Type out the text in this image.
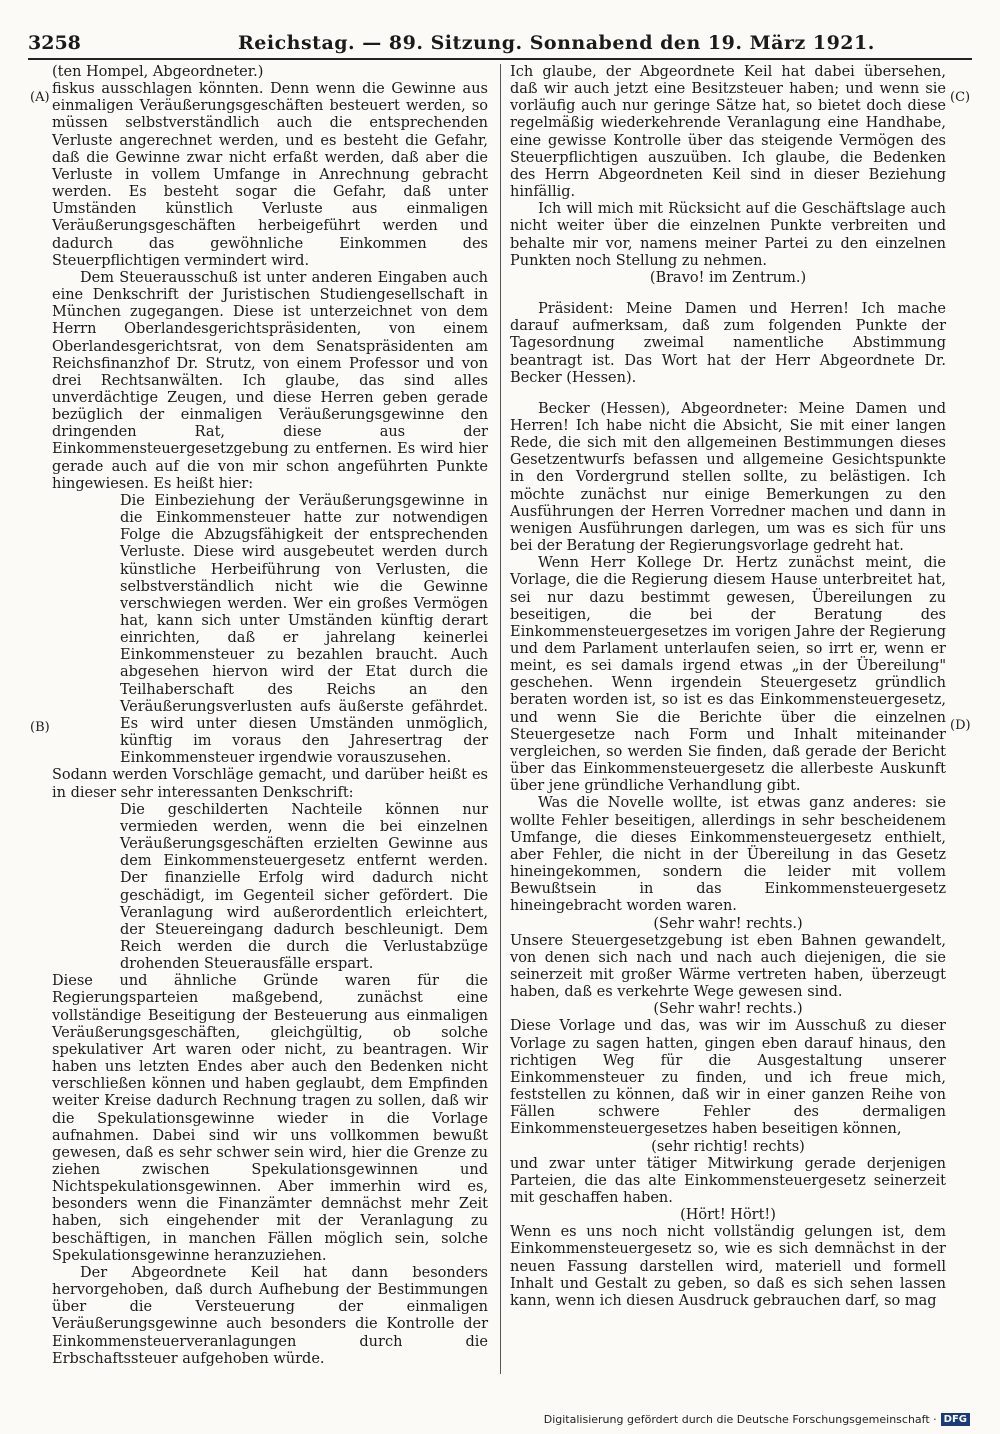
3258	Reichstag. — 89. Sitzung. Sonnabend den 19. März 1921.
(A)
(B)
(C)
(D)

(ten Hompel, Abgeordneter.)

fiskus ausschlagen könnten. Denn wenn die Gewinne aus einmaligen Veräußerungsgeschäften besteuert werden, so müssen selbstverständlich auch die entsprechenden Verluste angerechnet werden, und es besteht die Gefahr, daß die Gewinne zwar nicht erfaßt werden, daß aber die Verluste in vollem Umfange in Anrechnung gebracht werden. Es besteht sogar die Gefahr, daß unter Umständen künstlich Verluste aus einmaligen Veräußerungsgeschäften herbeigeführt werden und dadurch das gewöhnliche Einkommen des Steuerpflichtigen vermindert wird.

Dem Steuerausschuß ist unter anderen Eingaben auch eine Denkschrift der Juristischen Studiengesellschaft in München zugegangen. Diese ist unterzeichnet von dem Herrn Oberlandesgerichtspräsidenten, von einem Oberlandesgerichtsrat, von dem Senatspräsidenten am Reichsfinanzhof Dr. Strutz, von einem Professor und von drei Rechtsanwälten. Ich glaube, das sind alles unverdächtige Zeugen, und diese Herren geben gerade bezüglich der einmaligen Veräußerungsgewinne den dringenden Rat, diese aus der Einkommensteuergesetzgebung zu entfernen. Es wird hier gerade auch auf die von mir schon angeführten Punkte hingewiesen. Es heißt hier:

Die Einbeziehung der Veräußerungsgewinne in die Einkommensteuer hatte zur notwendigen Folge die Abzugsfähigkeit der entsprechenden Verluste. Diese wird ausgebeutet werden durch künstliche Herbeiführung von Verlusten, die selbstverständlich nicht wie die Gewinne verschwiegen werden. Wer ein großes Vermögen hat, kann sich unter Umständen künftig derart einrichten, daß er jahrelang keinerlei Einkommensteuer zu bezahlen braucht. Auch abgesehen hiervon wird der Etat durch die Teilhaberschaft des Reichs an den Veräußerungsverlusten aufs äußerste gefährdet. Es wird unter diesen Umständen unmöglich, künftig im voraus den Jahresertrag der Einkommensteuer irgendwie vorauszusehen.

Sodann werden Vorschläge gemacht, und darüber heißt es in dieser sehr interessanten Denkschrift:

Die geschilderten Nachteile können nur vermieden werden, wenn die bei einzelnen Veräußerungsgeschäften erzielten Gewinne aus dem Einkommensteuergesetz entfernt werden. Der finanzielle Erfolg wird dadurch nicht geschädigt, im Gegenteil sicher gefördert. Die Veranlagung wird außerordentlich erleichtert, der Steuereingang dadurch beschleunigt. Dem Reich werden die durch die Verlustabzüge drohenden Steuerausfälle erspart.

Diese und ähnliche Gründe waren für die Regierungsparteien maßgebend, zunächst eine vollständige Beseitigung der Besteuerung aus einmaligen Veräußerungsgeschäften, gleichgültig, ob solche spekulativer Art waren oder nicht, zu beantragen. Wir haben uns letzten Endes aber auch den Bedenken nicht verschließen können und haben geglaubt, dem Empfinden weiter Kreise dadurch Rechnung tragen zu sollen, daß wir die Spekulationsgewinne wieder in die Vorlage aufnahmen. Dabei sind wir uns vollkommen bewußt gewesen, daß es sehr schwer sein wird, hier die Grenze zu ziehen zwischen Spekulationsgewinnen und Nichtspekulationsgewinnen. Aber immerhin wird es, besonders wenn die Finanzämter demnächst mehr Zeit haben, sich eingehender mit der Veranlagung zu beschäftigen, in manchen Fällen möglich sein, solche Spekulationsgewinne heranzuziehen.

Der Abgeordnete Keil hat dann besonders hervorgehoben, daß durch Aufhebung der Bestimmungen über die Versteuerung der einmaligen Veräußerungsgewinne auch besonders die Kontrolle der Einkommensteuerveranlagungen durch die Erbschaftssteuer aufgehoben würde.

Ich glaube, der Abgeordnete Keil hat dabei übersehen, daß wir auch jetzt eine Besitzsteuer haben; und wenn sie vorläufig auch nur geringe Sätze hat, so bietet doch diese regelmäßig wiederkehrende Veranlagung eine Handhabe, eine gewisse Kontrolle über das steigende Vermögen des Steuerpflichtigen auszuüben. Ich glaube, die Bedenken des Herrn Abgeordneten Keil sind in dieser Beziehung hinfällig.

Ich will mich mit Rücksicht auf die Geschäftslage auch nicht weiter über die einzelnen Punkte verbreiten und behalte mir vor, namens meiner Partei zu den einzelnen Punkten noch Stellung zu nehmen.

(Bravo! im Zentrum.)

Präsident: Meine Damen und Herren! Ich mache darauf aufmerksam, daß zum folgenden Punkte der Tagesordnung zweimal namentliche Abstimmung beantragt ist. Das Wort hat der Herr Abgeordnete Dr. Becker (Hessen).

Becker (Hessen), Abgeordneter: Meine Damen und Herren! Ich habe nicht die Absicht, Sie mit einer langen Rede, die sich mit den allgemeinen Bestimmungen dieses Gesetzentwurfs befassen und allgemeine Gesichtspunkte in den Vordergrund stellen sollte, zu belästigen. Ich möchte zunächst nur einige Bemerkungen zu den Ausführungen der Herren Vorredner machen und dann in wenigen Ausführungen darlegen, um was es sich für uns bei der Beratung der Regierungsvorlage gedreht hat.

Wenn Herr Kollege Dr. Hertz zunächst meint, die Vorlage, die die Regierung diesem Hause unterbreitet hat, sei nur dazu bestimmt gewesen, Übereilungen zu beseitigen, die bei der Beratung des Einkommensteuergesetzes im vorigen Jahre der Regierung und dem Parlament unterlaufen seien, so irrt er, wenn er meint, es sei damals irgend etwas „in der Übereilung" geschehen. Wenn irgendein Steuergesetz gründlich beraten worden ist, so ist es das Einkommensteuergesetz, und wenn Sie die Berichte über die einzelnen Steuergesetze nach Form und Inhalt miteinander vergleichen, so werden Sie finden, daß gerade der Bericht über das Einkommensteuergesetz die allerbeste Auskunft über jene gründliche Verhandlung gibt.

Was die Novelle wollte, ist etwas ganz anderes: sie wollte Fehler beseitigen, allerdings in sehr bescheidenem Umfange, die dieses Einkommensteuergesetz enthielt, aber Fehler, die nicht in der Übereilung in das Gesetz hineingekommen, sondern die leider mit vollem Bewußtsein in das Einkommensteuergesetz hineingebracht worden waren.

(Sehr wahr! rechts.)

Unsere Steuergesetzgebung ist eben Bahnen gewandelt, von denen sich nach und nach auch diejenigen, die sie seinerzeit mit großer Wärme vertreten haben, überzeugt haben, daß es verkehrte Wege gewesen sind.

(Sehr wahr! rechts.)

Diese Vorlage und das, was wir im Ausschuß zu dieser Vorlage zu sagen hatten, gingen eben darauf hinaus, den richtigen Weg für die Ausgestaltung unserer Einkommensteuer zu finden, und ich freue mich, feststellen zu können, daß wir in einer ganzen Reihe von Fällen schwere Fehler des dermaligen Einkommensteuergesetzes haben beseitigen können,

(sehr richtig! rechts)

und zwar unter tätiger Mitwirkung gerade derjenigen Parteien, die das alte Einkommensteuergesetz seinerzeit mit geschaffen haben.

(Hört! Hört!)

Wenn es uns noch nicht vollständig gelungen ist, dem Einkommensteuergesetz so, wie es sich demnächst in der neuen Fassung darstellen wird, materiell und formell Inhalt und Gestalt zu geben, so daß es sich sehen lassen kann, wenn ich diesen Ausdruck gebrauchen darf, so mag

Digitalisierung gefördert durch die Deutsche Forschungsgemeinschaft · DFG
